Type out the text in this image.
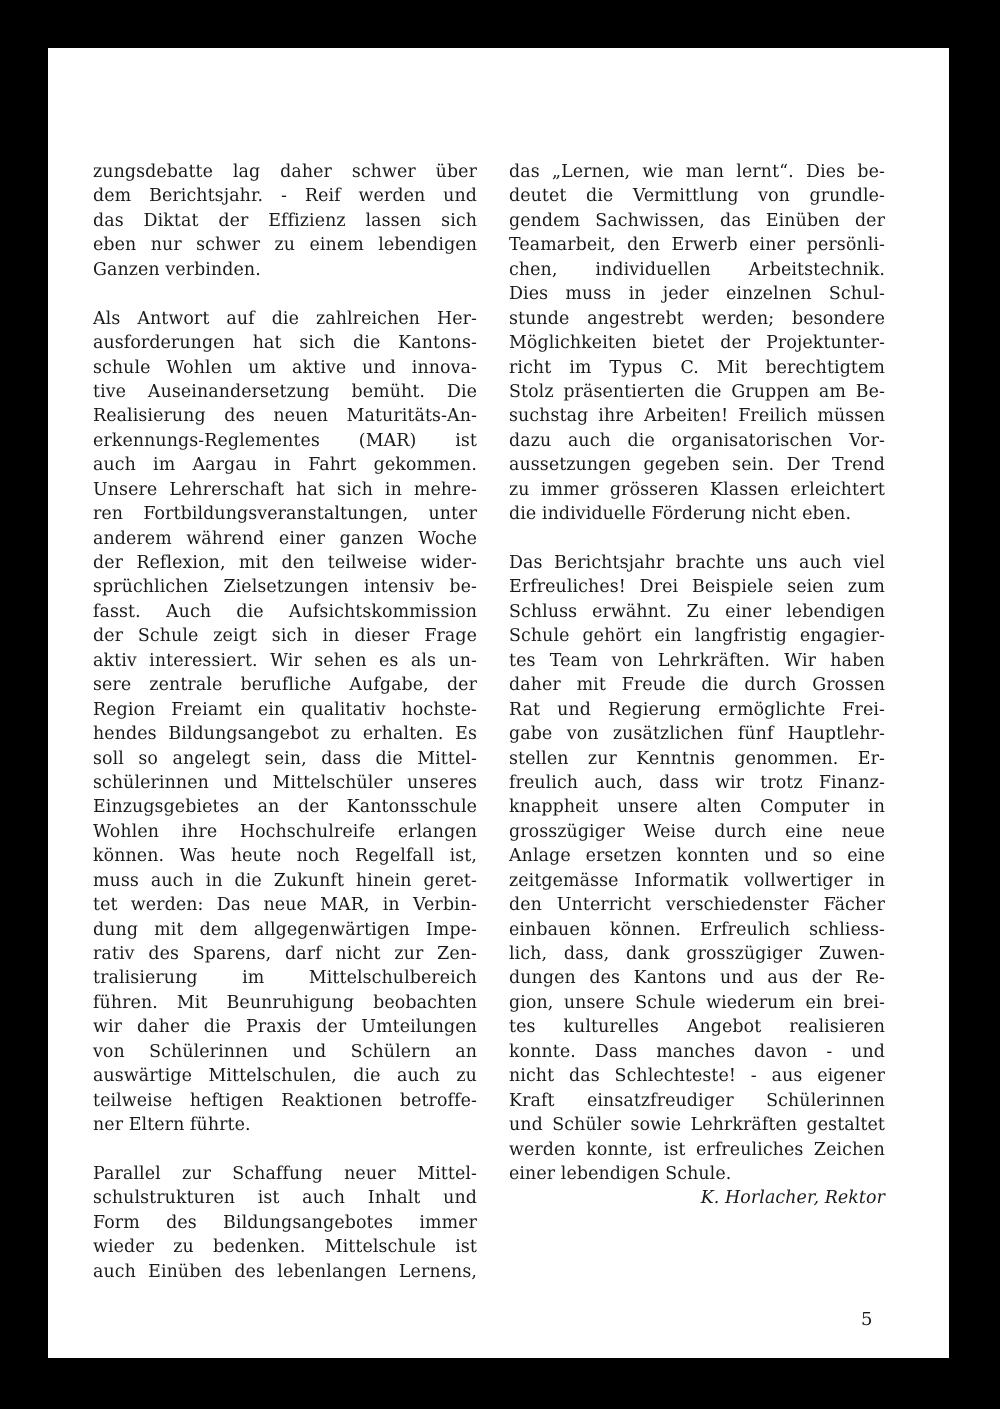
zungsdebatte lag daher schwer über
dem Berichtsjahr. - Reif werden und
das Diktat der Effizienz lassen sich
eben nur schwer zu einem lebendigen
Ganzen verbinden.
Als Antwort auf die zahlreichen Her-
ausforderungen hat sich die Kantons-
schule Wohlen um aktive und innova-
tive Auseinandersetzung bemüht. Die
Realisierung des neuen Maturitäts-An-
erkennungs-Reglementes (MAR) ist
auch im Aargau in Fahrt gekommen.
Unsere Lehrerschaft hat sich in mehre-
ren Fortbildungsveranstaltungen, unter
anderem während einer ganzen Woche
der Reflexion, mit den teilweise wider-
sprüchlichen Zielsetzungen intensiv be-
fasst. Auch die Aufsichtskommission
der Schule zeigt sich in dieser Frage
aktiv interessiert. Wir sehen es als un-
sere zentrale berufliche Aufgabe, der
Region Freiamt ein qualitativ hochste-
hendes Bildungsangebot zu erhalten. Es
soll so angelegt sein, dass die Mittel-
schülerinnen und Mittelschüler unseres
Einzugsgebietes an der Kantonsschule
Wohlen ihre Hochschulreife erlangen
können. Was heute noch Regelfall ist,
muss auch in die Zukunft hinein geret-
tet werden: Das neue MAR, in Verbin-
dung mit dem allgegenwärtigen Impe-
rativ des Sparens, darf nicht zur Zen-
tralisierung im Mittelschulbereich
führen. Mit Beunruhigung beobachten
wir daher die Praxis der Umteilungen
von Schülerinnen und Schülern an
auswärtige Mittelschulen, die auch zu
teilweise heftigen Reaktionen betroffe-
ner Eltern führte.
Parallel zur Schaffung neuer Mittel-
schulstrukturen ist auch Inhalt und
Form des Bildungsangebotes immer
wieder zu bedenken. Mittelschule ist
auch Einüben des lebenlangen Lernens,
das „Lernen, wie man lernt“. Dies be-
deutet die Vermittlung von grundle-
gendem Sachwissen, das Einüben der
Teamarbeit, den Erwerb einer persönli-
chen, individuellen Arbeitstechnik.
Dies muss in jeder einzelnen Schul-
stunde angestrebt werden; besondere
Möglichkeiten bietet der Projektunter-
richt im Typus C. Mit berechtigtem
Stolz präsentierten die Gruppen am Be-
suchstag ihre Arbeiten! Freilich müssen
dazu auch die organisatorischen Vor-
aussetzungen gegeben sein. Der Trend
zu immer grösseren Klassen erleichtert
die individuelle Förderung nicht eben.
Das Berichtsjahr brachte uns auch viel
Erfreuliches! Drei Beispiele seien zum
Schluss erwähnt. Zu einer lebendigen
Schule gehört ein langfristig engagier-
tes Team von Lehrkräften. Wir haben
daher mit Freude die durch Grossen
Rat und Regierung ermöglichte Frei-
gabe von zusätzlichen fünf Hauptlehr-
stellen zur Kenntnis genommen. Er-
freulich auch, dass wir trotz Finanz-
knappheit unsere alten Computer in
grosszügiger Weise durch eine neue
Anlage ersetzen konnten und so eine
zeitgemässe Informatik vollwertiger in
den Unterricht verschiedenster Fächer
einbauen können. Erfreulich schliess-
lich, dass, dank grosszügiger Zuwen-
dungen des Kantons und aus der Re-
gion, unsere Schule wiederum ein brei-
tes kulturelles Angebot realisieren
konnte. Dass manches davon - und
nicht das Schlechteste! - aus eigener
Kraft einsatzfreudiger Schülerinnen
und Schüler sowie Lehrkräften gestaltet
werden konnte, ist erfreuliches Zeichen
einer lebendigen Schule.
K. Horlacher, Rektor
5
